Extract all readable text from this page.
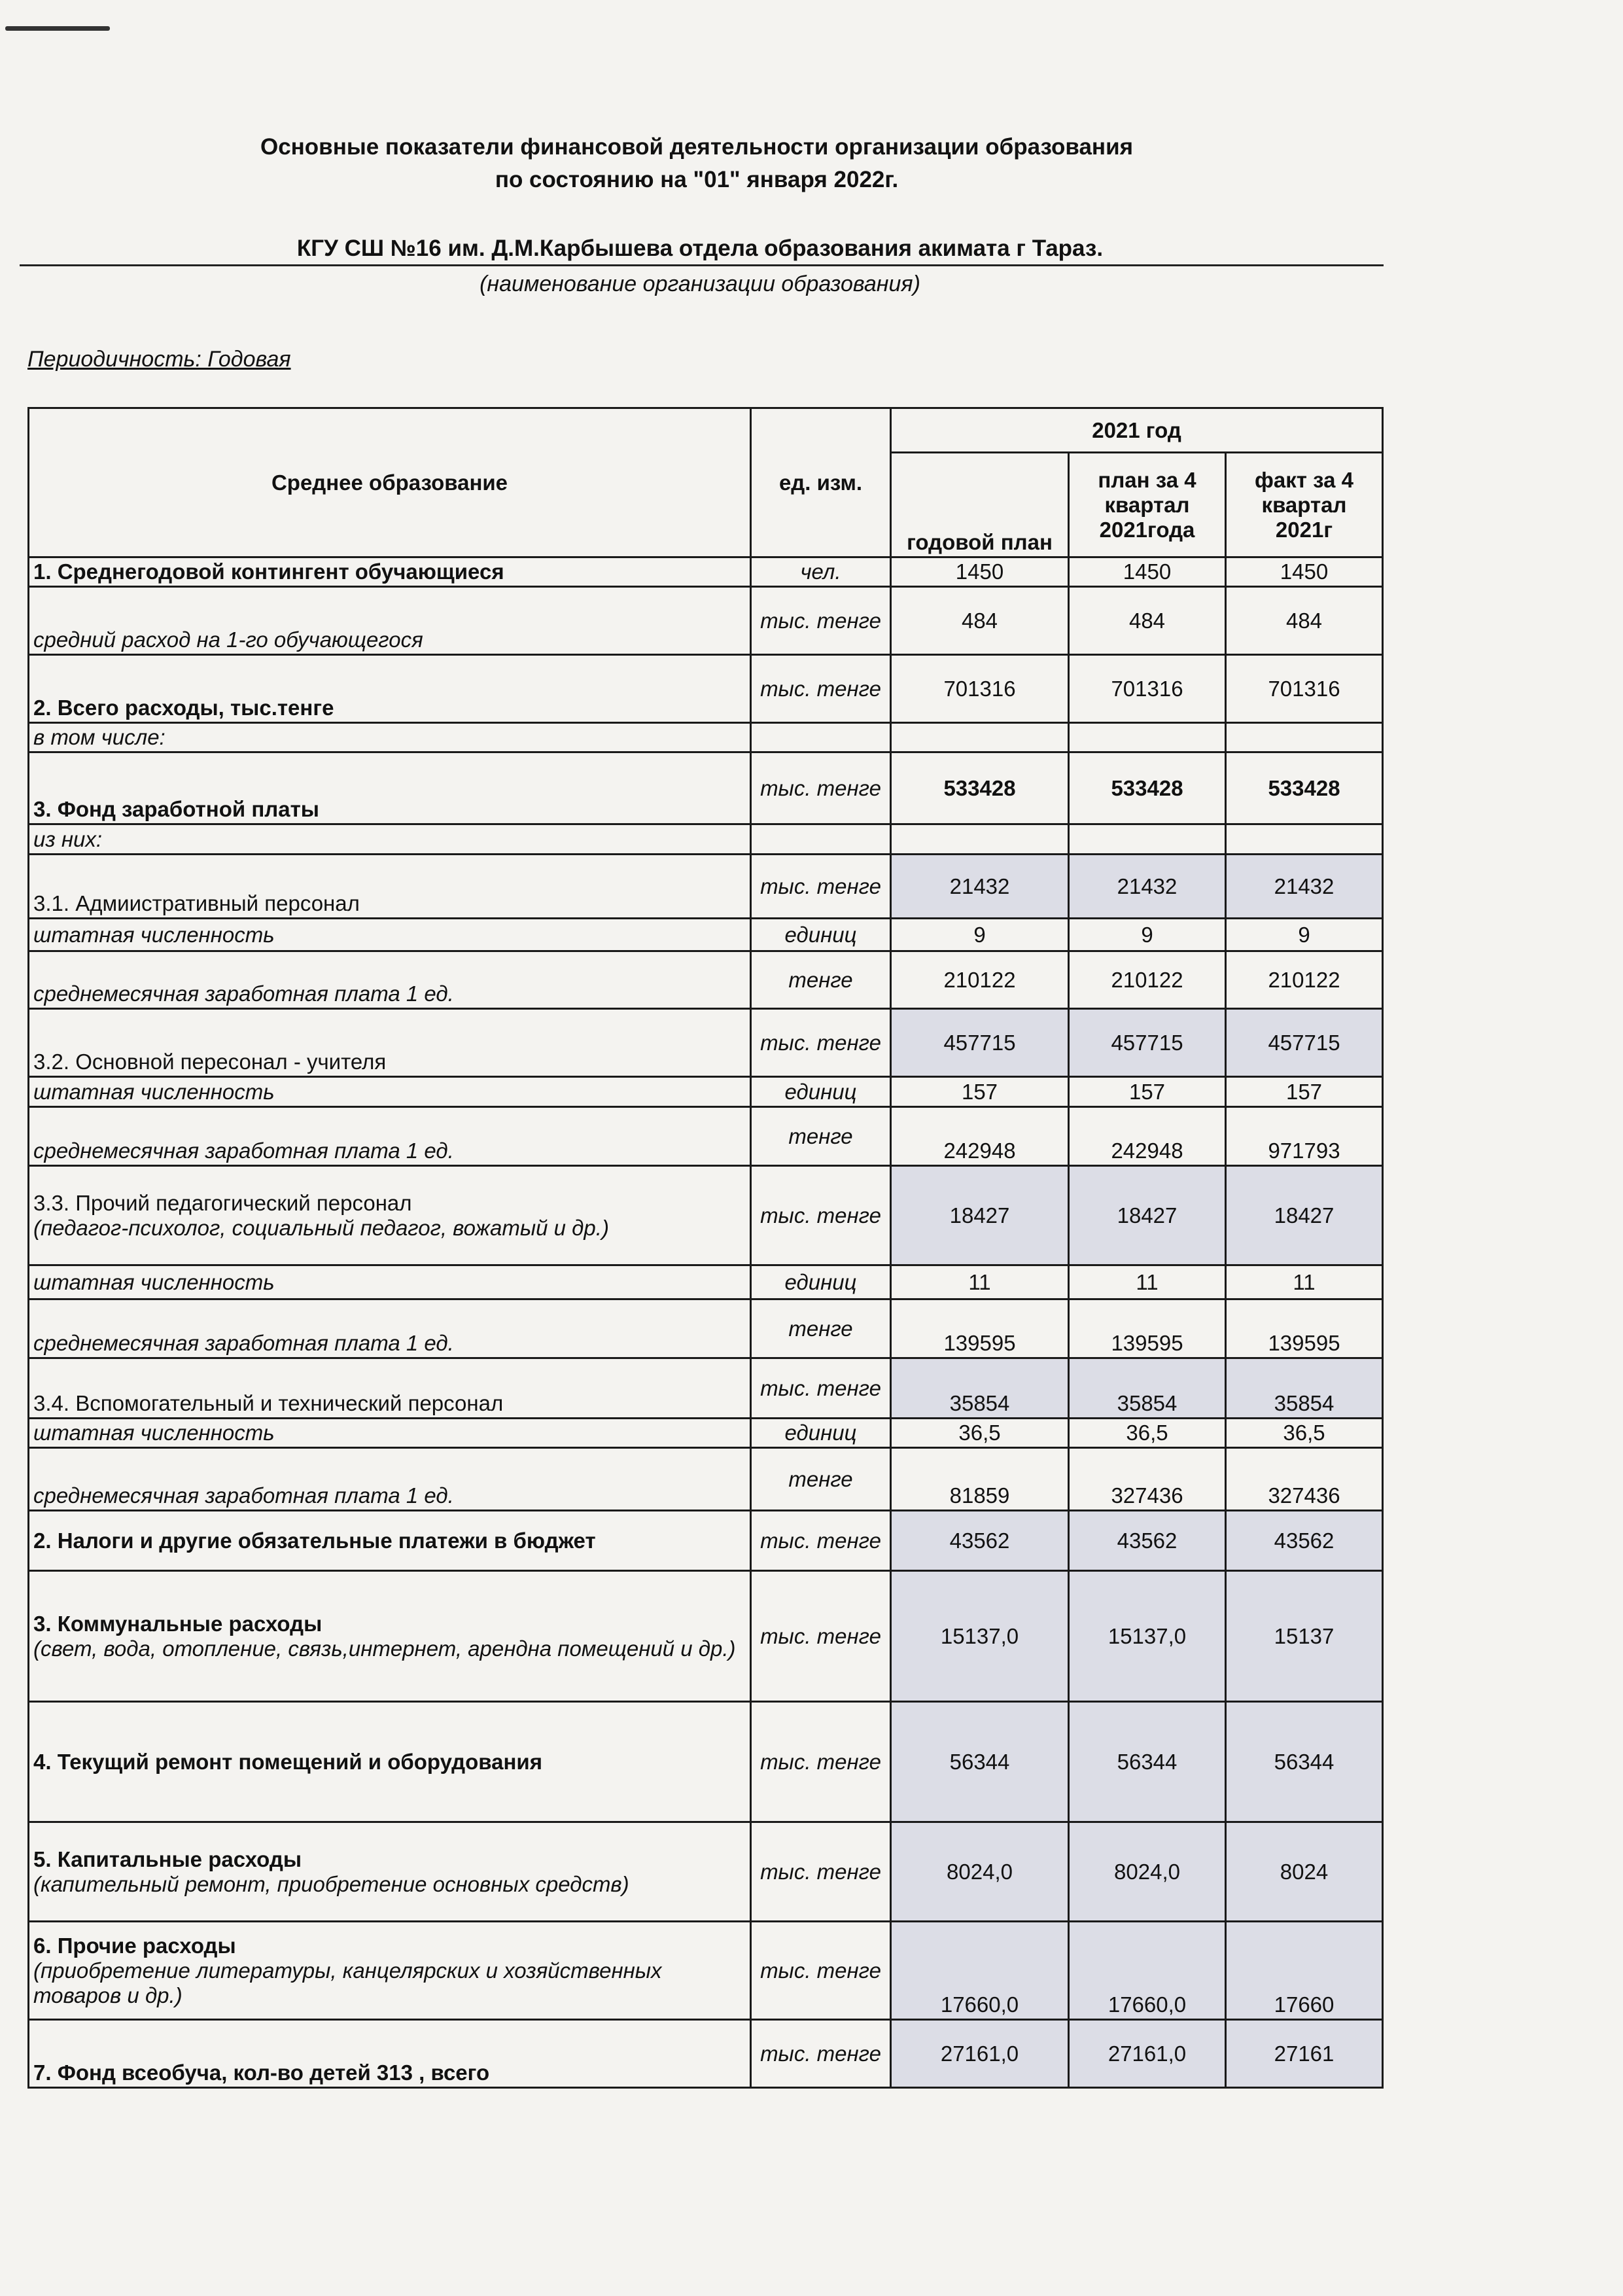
Основные показатели финансовой деятельности организации образования
по состоянию на "01" января 2022г.
КГУ СШ №16 им. Д.М.Карбышева отдела образования акимата г Тараз.
(наименование организации образования)
Периодичность: Годовая
Среднее образование	ед. изм.	2021 год		
		годовой план	план за 4 квартал 2021года	факт за 4 квартал 2021г
1. Среднегодовой контингент обучающиеся	чел.	1450	1450	1450
средний расход на 1-го обучающегося	тыс. тенге	484	484	484
2. Всего расходы, тыс.тенге	тыс. тенге	701316	701316	701316
в том числе:				
3. Фонд заработной платы	тыс. тенге	533428	533428	533428
из них:				
3.1. Адмиистративный персонал	тыс. тенге	21432	21432	21432
штатная численность	единиц	9	9	9
среднемесячная заработная плата 1 ед.	тенге	210122	210122	210122
3.2. Основной пересонал - учителя	тыс. тенге	457715	457715	457715
штатная численность	единиц	157	157	157
среднемесячная заработная плата 1 ед.	тенге	242948	242948	971793
3.3. Прочий педагогический персонал
(педагог-психолог, социальный педагог, вожатый и др.)	тыс. тенге	18427	18427	18427
штатная численность	единиц	11	11	11
среднемесячная заработная плата 1 ед.	тенге	139595	139595	139595
3.4. Вспомогательный и технический персонал	тыс. тенге	35854	35854	35854
штатная численность	единиц	36,5	36,5	36,5
среднемесячная заработная плата 1 ед.	тенге	81859	327436	327436
2. Налоги и другие обязательные платежи в бюджет	тыс. тенге	43562	43562	43562
3. Коммунальные расходы
(свет, вода, отопление, связь,интернет, арендна помещений и др.)	тыс. тенге	15137,0	15137,0	15137
4. Текущий ремонт помещений и оборудования	тыс. тенге	56344	56344	56344
5. Капитальные расходы
(капительный ремонт, приобретение основных средств)	тыс. тенге	8024,0	8024,0	8024
6. Прочие расходы
(приобретение литературы, канцелярских и хозяйственных товаров и др.)	тыс. тенге	17660,0	17660,0	17660
7. Фонд всеобуча, кол-во детей 313 , всего	тыс. тенге	27161,0	27161,0	27161
